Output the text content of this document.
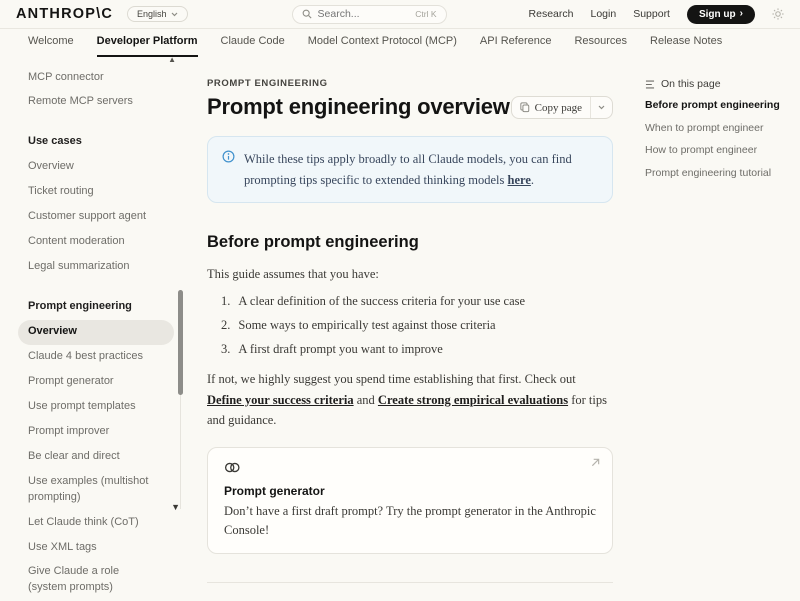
ANTHROP\C	English
Search...	Ctrl K	Research Login Support	Sign up ›
Welcome Developer Platform Claude Code Model Context Protocol (MCP) API Reference Resources Release Notes
▲
MCP connector
Remote MCP servers
Use cases
Overview
Ticket routing
Customer support agent
Content moderation
Legal summarization
Prompt engineering
Overview
Claude 4 best practices
Prompt generator
Use prompt templates
Prompt improver
Be clear and direct
Use examples (multishot prompting)
Let Claude think (CoT)
Use XML tags
Give Claude a role (system prompts)
▼
PROMPT ENGINEERING
Prompt engineering overview Copy page

While these tips apply broadly to all Claude models, you can find prompting tips specific to extended thinking models here.

Before prompt engineering

This guide assumes that you have:

1. A clear definition of the success criteria for your use case
2. Some ways to empirically test against those criteria
3. A first draft prompt you want to improve

If not, we highly suggest you spend time establishing that first. Check out Define your success criteria and Create strong empirical evaluations for tips and guidance.

Prompt generator
Don’t have a first draft prompt? Try the prompt generator in the Anthropic Console!
On this page
Before prompt engineering
When to prompt engineer
How to prompt engineer
Prompt engineering tutorial
